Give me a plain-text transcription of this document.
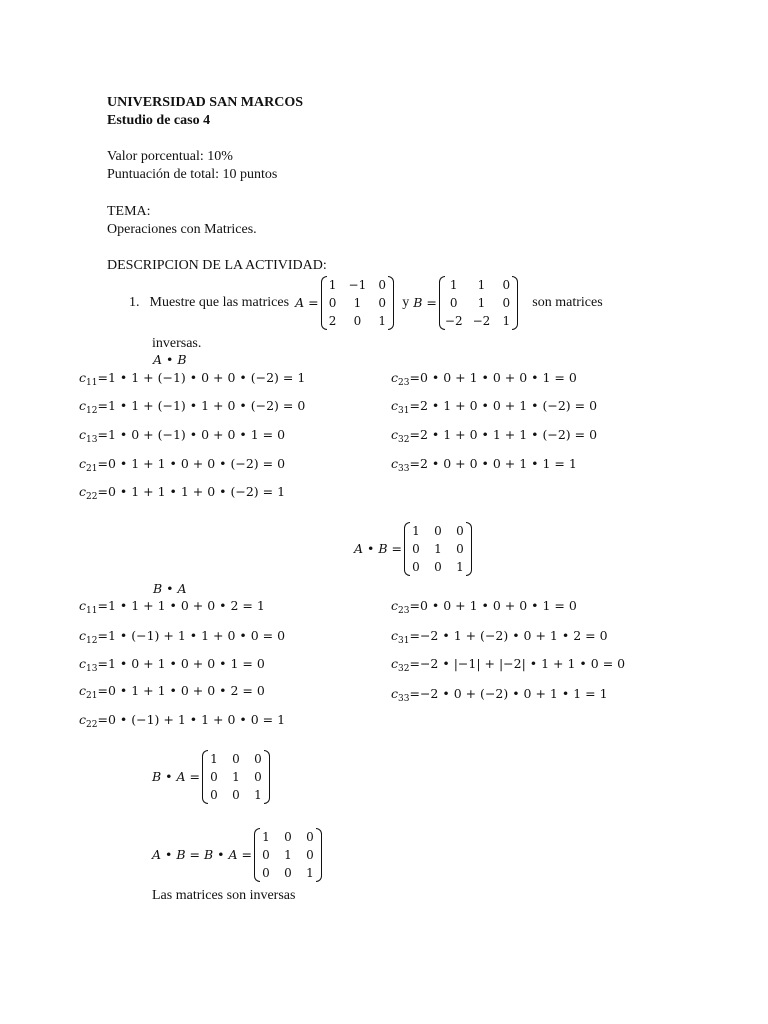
UNIVERSIDAD SAN MARCOS
Estudio de caso 4
Valor porcentual: 10%
Puntuación de total: 10 puntos
TEMA:
Operaciones con Matrices.
DESCRIPCION DE LA ACTIVIDAD:
1. Muestre que las matrices A =
1 −1 0
0	1	0
2	0	1
y B =
1	1	0
0	1	0
−2 −2 1
son matrices
inversas.
A • B
$c_{11}=1$ • 1 + (−1) • 0 + 0 • (−2) = 1
$c_{12}=1$ • 1 + (−1) • 1 + 0 • (−2) = 0
$c_{13}=1$ • 0 + (−1) • 0 + 0 • 1 = 0
$c_{21}=0$ • 1 + 1 • 0 + 0 • (−2) = 0
$c_{22}=0$ • 1 + 1 • 1 + 0 • (−2) = 1
$c_{23}=0$ • 0 + 1 • 0 + 0 • 1 = 0
$c_{31}=2$ • 1 + 0 • 0 + 1 • (−2) = 0
$c_{32}=2$ • 1 + 0 • 1 + 1 • (−2) = 0
$c_{33}=2$ • 0 + 0 • 0 + 1 • 1 = 1
A • B =
1 0 0
0 1 0
0 0 1
B • A
$c_{11}=1$ • 1 + 1 • 0 + 0 • 2 = 1
$c_{12}=1$ • (−1) + 1 • 1 + 0 • 0 = 0
$c_{13}=1$ • 0 + 1 • 0 + 0 • 1 = 0
$c_{21}=0$ • 1 + 1 • 0 + 0 • 2 = 0
$c_{22}=0$ • (−1) + 1 • 1 + 0 • 0 = 1
$c_{23}=0$ • 0 + 1 • 0 + 0 • 1 = 0
$c_{31}=-2$ • 1 + (−2) • 0 + 1 • 2 = 0
$c_{32}=-2$ • |−1| + |−2| • 1 + 1 • 0 = 0
$c_{33}=-2$ • 0 + (−2) • 0 + 1 • 1 = 1
B • A =
1 0 0
0 1 0
0 0 1
A • B = B • A =
1 0 0
0 1 0
0 0 1
Las matrices son inversas
